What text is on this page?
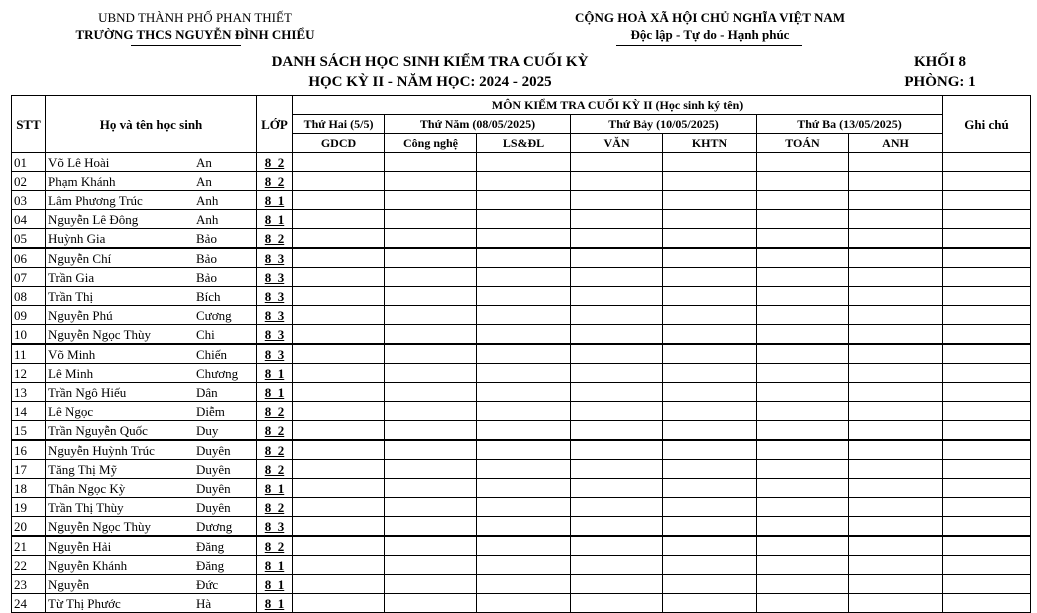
UBND THÀNH PHỐ PHAN THIẾT
TRƯỜNG THCS NGUYỄN ĐÌNH CHIỂU
CỘNG HOÀ XÃ HỘI CHỦ NGHĨA VIỆT NAM
Độc lập - Tự do - Hạnh phúc
DANH SÁCH HỌC SINH KIỂM TRA CUỐI KỲ
HỌC KỲ II - NĂM HỌC: 2024 - 2025
KHỐI 8
PHÒNG: 1
STT	Họ và tên học sinh	LỚP	MÔN KIỂM TRA CUỐI KỲ II (Học sinh ký tên)							Ghi chú
			Thứ Hai (5/5)	Thứ Năm (08/05/2025)		Thứ Bảy (10/05/2025)		Thứ Ba (13/05/2025)		
			GDCD	Công nghệ	LS&ĐL	VĂN	KHTN	TOÁN	ANH	
01	Võ Lê Hoài An	8_2								
02	Phạm Khánh An	8_2								
03	Lâm Phương Trúc Anh	8_1								
04	Nguyễn Lê Đông Anh	8_1								
05	Huỳnh Gia Bảo	8_2								
06	Nguyễn Chí Bảo	8_3								
07	Trần Gia Bảo	8_3								
08	Trần Thị Bích	8_3								
09	Nguyễn Phú Cương	8_3								
10	Nguyễn Ngọc Thùy Chi	8_3								
11	Võ Minh Chiến	8_3								
12	Lê Minh Chương	8_1								
13	Trần Ngô Hiếu Dân	8_1								
14	Lê Ngọc Diễm	8_2								
15	Trần Nguyễn Quốc Duy	8_2								
16	Nguyễn Huỳnh Trúc Duyên	8_2								
17	Tăng Thị Mỹ Duyên	8_2								
18	Thân Ngọc Kỳ Duyên	8_1								
19	Trần Thị Thùy Duyên	8_2								
20	Nguyễn Ngọc Thùy Dương	8_3								
21	Nguyễn Hải Đăng	8_2								
22	Nguyễn Khánh Đăng	8_1								
23	Nguyễn Đức	8_1								
24	Từ Thị Phước Hà	8_1								
